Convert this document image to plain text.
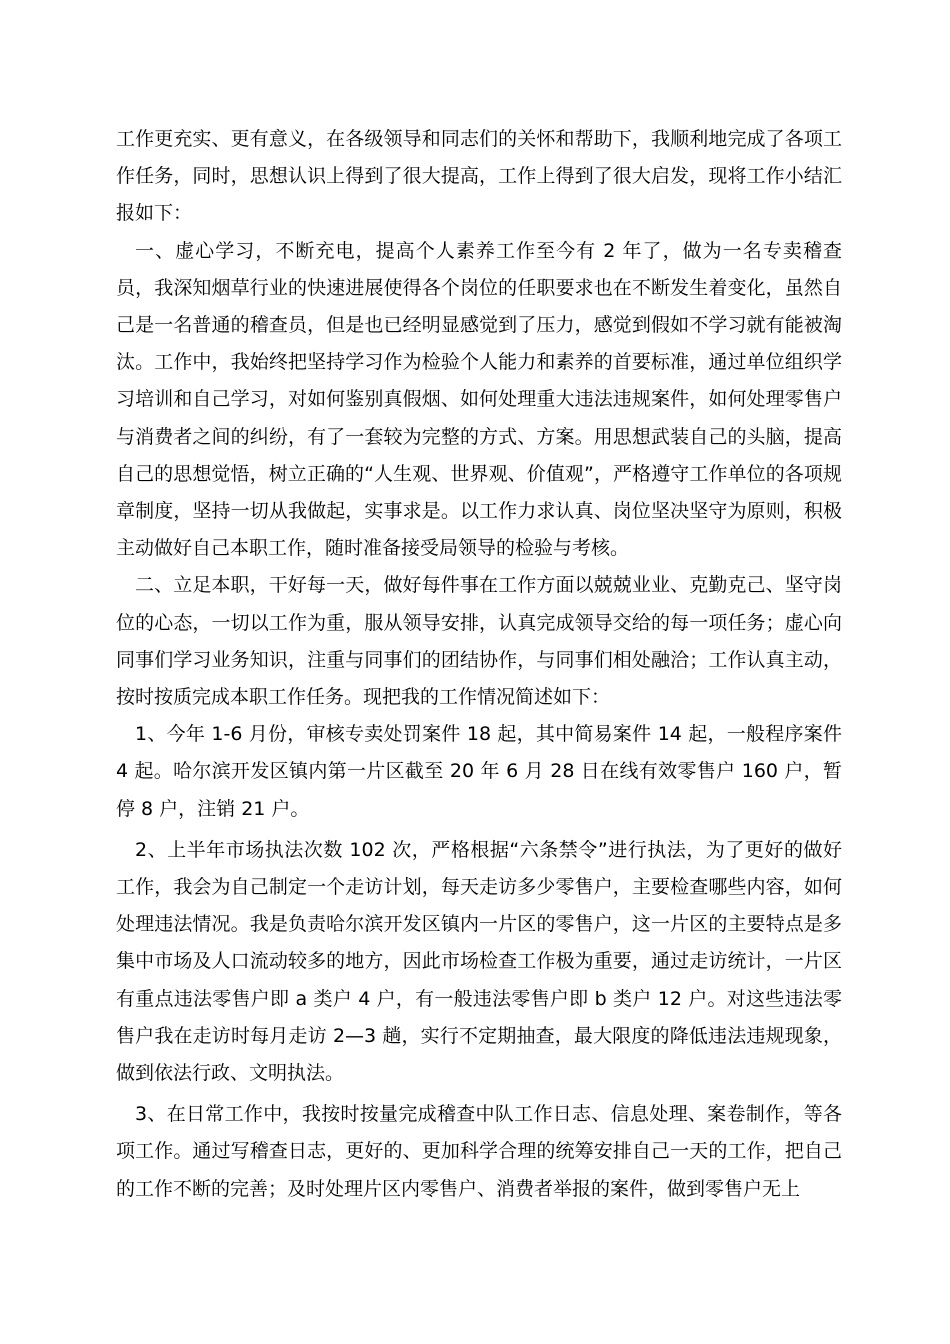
工作更充实、更有意义，在各级领导和同志们的关怀和帮助下，我顺利地完成了各项工作任务，同时，思想认识上得到了很大提高，工作上得到了很大启发，现将工作小结汇报如下：

一、虚心学习，不断充电，提高个人素养工作至今有 2 年了，做为一名专卖稽查员，我深知烟草行业的快速进展使得各个岗位的任职要求也在不断发生着变化，虽然自己是一名普通的稽查员，但是也已经明显感觉到了压力，感觉到假如不学习就有能被淘汰。工作中，我始终把坚持学习作为检验个人能力和素养的首要标准，通过单位组织学习培训和自己学习，对如何鉴别真假烟、如何处理重大违法违规案件，如何处理零售户与消费者之间的纠纷，有了一套较为完整的方式、方案。用思想武装自己的头脑，提高自己的思想觉悟，树立正确的“人生观、世界观、价值观”，严格遵守工作单位的各项规章制度，坚持一切从我做起，实事求是。以工作力求认真、岗位坚决坚守为原则，积极主动做好自己本职工作，随时准备接受局领导的检验与考核。

二、立足本职，干好每一天，做好每件事在工作方面以兢兢业业、克勤克己、坚守岗位的心态，一切以工作为重，服从领导安排，认真完成领导交给的每一项任务；虚心向同事们学习业务知识，注重与同事们的团结协作，与同事们相处融洽；工作认真主动，按时按质完成本职工作任务。现把我的工作情况简述如下：

1、今年 1-6 月份，审核专卖处罚案件 18 起，其中简易案件 14 起，一般程序案件 4 起。哈尔滨开发区镇内第一片区截至 20 年 6 月 28 日在线有效零售户 160 户，暂停 8 户，注销 21 户。

2、上半年市场执法次数 102 次，严格根据“六条禁令”进行执法，为了更好的做好工作，我会为自己制定一个走访计划，每天走访多少零售户，主要检查哪些内容，如何处理违法情况。我是负责哈尔滨开发区镇内一片区的零售户，这一片区的主要特点是多集中市场及人口流动较多的地方，因此市场检查工作极为重要，通过走访统计，一片区有重点违法零售户即 a 类户 4 户，有一般违法零售户即 b 类户 12 户。对这些违法零售户我在走访时每月走访 2—3 趟，实行不定期抽查，最大限度的降低违法违规现象，做到依法行政、文明执法。

3、在日常工作中，我按时按量完成稽查中队工作日志、信息处理、案卷制作，等各项工作。通过写稽查日志，更好的、更加科学合理的统筹安排自己一天的工作，把自己的工作不断的完善；及时处理片区内零售户、消费者举报的案件，做到零售户无上
